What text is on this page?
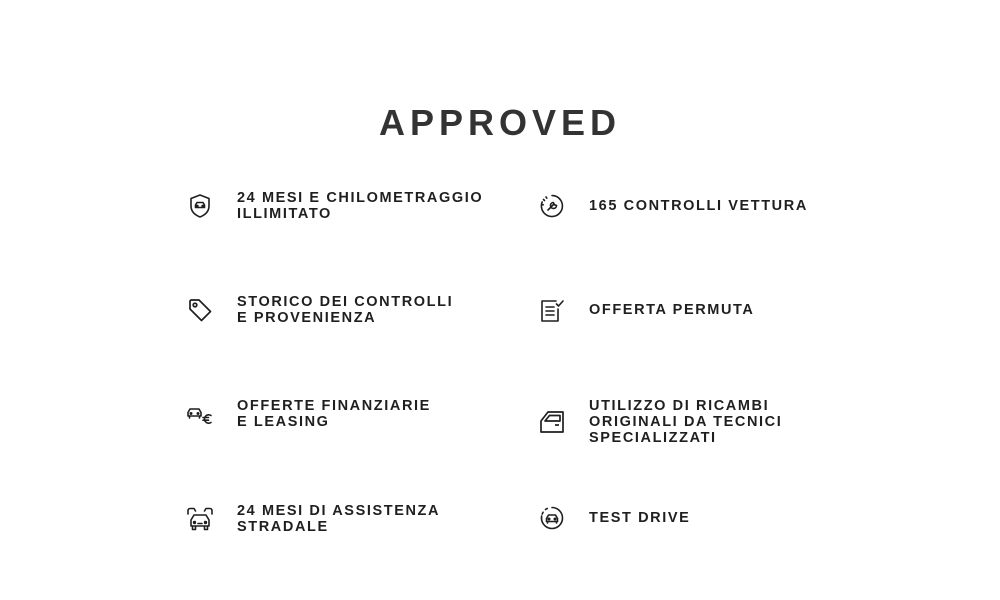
APPROVED
24 MESI E CHILOMETRAGGIO
ILLIMITATO	165 CONTROLLI VETTURA
STORICO DEI CONTROLLI
E PROVENIENZA	OFFERTA PERMUTA
OFFERTE FINANZIARIE
E LEASING
UTILIZZO DI RICAMBI
ORIGINALI DA TECNICI
SPECIALIZZATI
24 MESI DI ASSISTENZA
STRADALE
TEST DRIVE
